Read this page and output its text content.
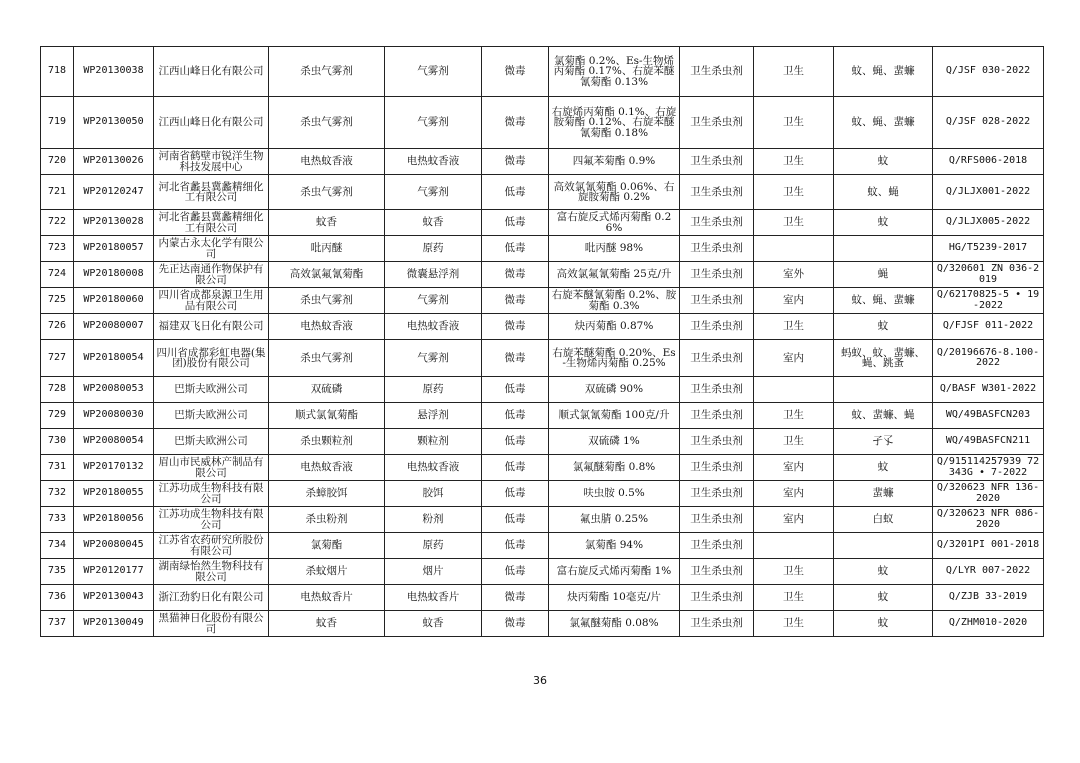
718	WP20130038	江西山峰日化有限公司	杀虫气雾剂	气雾剂	微毒	氯菊酯 0.2%、Es-生物烯丙菊酯 0.17%、右旋苯醚氰菊酯 0.13%	卫生杀虫剂	卫生	蚊、蝇、蜚蠊	Q/JSF 030-2022
719	WP20130050	江西山峰日化有限公司	杀虫气雾剂	气雾剂	微毒	右旋烯丙菊酯 0.1%、右旋胺菊酯 0.12%、右旋苯醚氰菊酯 0.18%	卫生杀虫剂	卫生	蚊、蝇、蜚蠊	Q/JSF 028-2022
720	WP20130026	河南省鹤壁市锐洋生物科技发展中心	电热蚊香液	电热蚊香液	微毒	四氟苯菊酯 0.9%	卫生杀虫剂	卫生	蚊	Q/RFS006-2018
721	WP20120247	河北省蠡县冀蠡精细化工有限公司	杀虫气雾剂	气雾剂	低毒	高效氯氰菊酯 0.06%、右旋胺菊酯 0.2%	卫生杀虫剂	卫生	蚊、蝇	Q/JLJX001-2022
722	WP20130028	河北省蠡县冀蠡精细化工有限公司	蚊香	蚊香	低毒	富右旋反式烯丙菊酯 0.26%	卫生杀虫剂	卫生	蚊	Q/JLJX005-2022
723	WP20180057	内蒙古永太化学有限公司	吡丙醚	原药	低毒	吡丙醚 98%	卫生杀虫剂			HG/T5239-2017
724	WP20180008	先正达南通作物保护有限公司	高效氯氟氰菊酯	微囊悬浮剂	微毒	高效氯氟氰菊酯 25克/升	卫生杀虫剂	室外	蝇	Q/320601 ZN 036-2019
725	WP20180060	四川省成都泉源卫生用品有限公司	杀虫气雾剂	气雾剂	微毒	右旋苯醚氰菊酯 0.2%、胺菊酯 0.3%	卫生杀虫剂	室内	蚊、蝇、蜚蠊	Q/62170825-5 • 19-2022
726	WP20080007	福建双飞日化有限公司	电热蚊香液	电热蚊香液	微毒	炔丙菊酯 0.87%	卫生杀虫剂	卫生	蚊	Q/FJSF 011-2022
727	WP20180054	四川省成都彩虹电器(集团)股份有限公司	杀虫气雾剂	气雾剂	微毒	右旋苯醚菊酯 0.20%、Es-生物烯丙菊酯 0.25%	卫生杀虫剂	室内	蚂蚁、蚊、蜚蠊、蝇、跳蚤	Q/20196676-8.100-2022
728	WP20080053	巴斯夫欧洲公司	双硫磷	原药	低毒	双硫磷 90%	卫生杀虫剂			Q/BASF W301-2022
729	WP20080030	巴斯夫欧洲公司	顺式氯氰菊酯	悬浮剂	低毒	顺式氯氰菊酯 100克/升	卫生杀虫剂	卫生	蚊、蜚蠊、蝇	WQ/49BASFCN203
730	WP20080054	巴斯夫欧洲公司	杀虫颗粒剂	颗粒剂	低毒	双硫磷 1%	卫生杀虫剂	卫生	孑孓	WQ/49BASFCN211
731	WP20170132	眉山市民威林产制品有限公司	电热蚊香液	电热蚊香液	低毒	氯氟醚菊酯 0.8%	卫生杀虫剂	室内	蚊	Q/915114257939 72343G • 7-2022
732	WP20180055	江苏功成生物科技有限公司	杀蟑胶饵	胶饵	低毒	呋虫胺 0.5%	卫生杀虫剂	室内	蜚蠊	Q/320623 NFR 136-2020
733	WP20180056	江苏功成生物科技有限公司	杀虫粉剂	粉剂	低毒	氟虫腈 0.25%	卫生杀虫剂	室内	白蚁	Q/320623 NFR 086-2020
734	WP20080045	江苏省农药研究所股份有限公司	氯菊酯	原药	低毒	氯菊酯 94%	卫生杀虫剂			Q/3201PI 001-2018
735	WP20120177	湖南绿怡然生物科技有限公司	杀蚊烟片	烟片	低毒	富右旋反式烯丙菊酯 1%	卫生杀虫剂	卫生	蚊	Q/LYR 007-2022
736	WP20130043	浙江劲豹日化有限公司	电热蚊香片	电热蚊香片	微毒	炔丙菊酯 10毫克/片	卫生杀虫剂	卫生	蚊	Q/ZJB 33-2019
737	WP20130049	黑猫神日化股份有限公司	蚊香	蚊香	微毒	氯氟醚菊酯 0.08%	卫生杀虫剂	卫生	蚊	Q/ZHM010-2020
36
